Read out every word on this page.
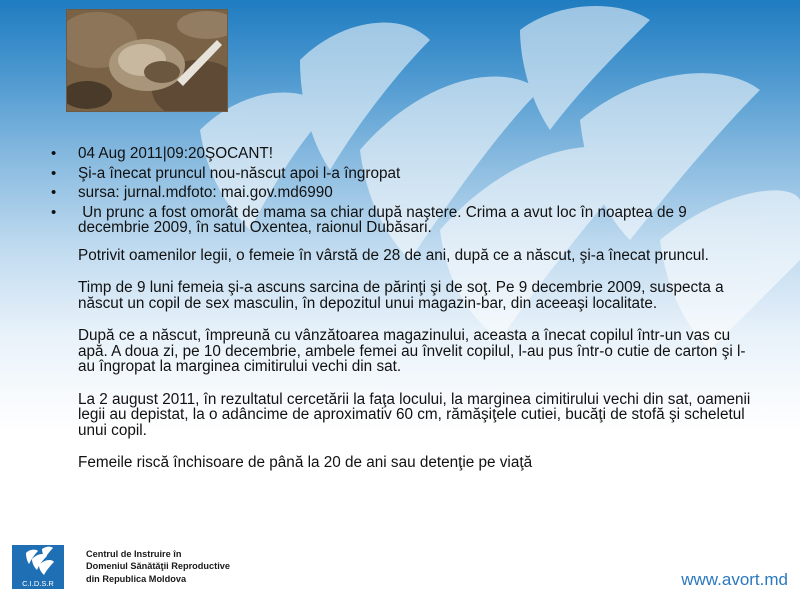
• 04 Aug 2011|09:20ŞOCANT!
• Şi-a înecat pruncul nou-născut apoi l-a îngropat
• sursa: jurnal.mdfoto: mai.gov.md6990
•  Un prunc a fost omorât de mama sa chiar după naştere. Crima a avut loc în noaptea de 9 decembrie 2009, în satul Oxentea, raionul Dubăsari.
Potrivit oamenilor legii, o femeie în vârstă de 28 de ani, după ce a născut, şi-a înecat pruncul.
Timp de 9 luni femeia şi-a ascuns sarcina de părinţi şi de soţ. Pe 9 decembrie 2009, suspecta a născut un copil de sex masculin, în depozitul unui magazin-bar, din aceeaşi localitate.
După ce a născut, împreună cu vânzătoarea magazinului, aceasta a înecat copilul într-un vas cu apă. A doua zi, pe 10 decembrie, ambele femei au învelit copilul, l-au pus într-o cutie de carton şi l-au îngropat la marginea cimitirului vechi din sat.
La 2 august 2011, în rezultatul cercetării la faţa locului, la marginea cimitirului vechi din sat, oamenii legii au depistat, la o adâncime de aproximativ 60 cm, rămăşiţele cutiei, bucăţi de stofă şi scheletul unui copil.
Femeile riscă închisoare de până la 20 de ani sau detenţie pe viaţă
C.I.D.S.R
Centrul de Instruire în
Domeniul Sănătăţii Reproductive
din Republica Moldova	www.avort.md
